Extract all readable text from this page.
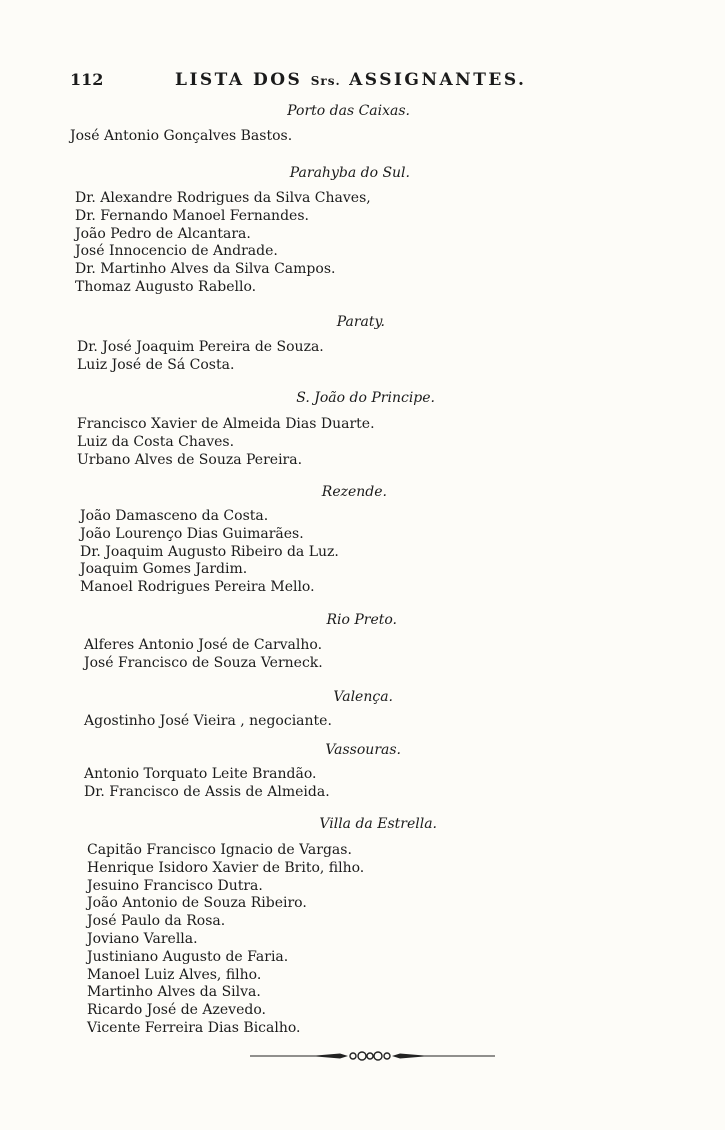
112	LISTA DOS Srs. ASSIGNANTES.
Porto das Caixas.
José Antonio Gonçalves Bastos.
Parahyba do Sul.
Dr. Alexandre Rodrigues da Silva Chaves,
Dr. Fernando Manoel Fernandes.
João Pedro de Alcantara.
José Innocencio de Andrade.
Dr. Martinho Alves da Silva Campos.
Thomaz Augusto Rabello.
Paraty.
Dr. José Joaquim Pereira de Souza.
Luiz José de Sá Costa.
S. João do Principe.
Francisco Xavier de Almeida Dias Duarte.
Luiz da Costa Chaves.
Urbano Alves de Souza Pereira.
Rezende.
João Damasceno da Costa.
João Lourenço Dias Guimarães.
Dr. Joaquim Augusto Ribeiro da Luz.
Joaquim Gomes Jardim.
Manoel Rodrigues Pereira Mello.
Rio Preto.
Alferes Antonio José de Carvalho.
José Francisco de Souza Verneck.
Valença.
Agostinho José Vieira , negociante.
Vassouras.
Antonio Torquato Leite Brandão.
Dr. Francisco de Assis de Almeida.
Villa da Estrella.
Capitão Francisco Ignacio de Vargas.
Henrique Isidoro Xavier de Brito, filho.
Jesuino Francisco Dutra.
João Antonio de Souza Ribeiro.
José Paulo da Rosa.
Joviano Varella.
Justiniano Augusto de Faria.
Manoel Luiz Alves, filho.
Martinho Alves da Silva.
Ricardo José de Azevedo.
Vicente Ferreira Dias Bicalho.
